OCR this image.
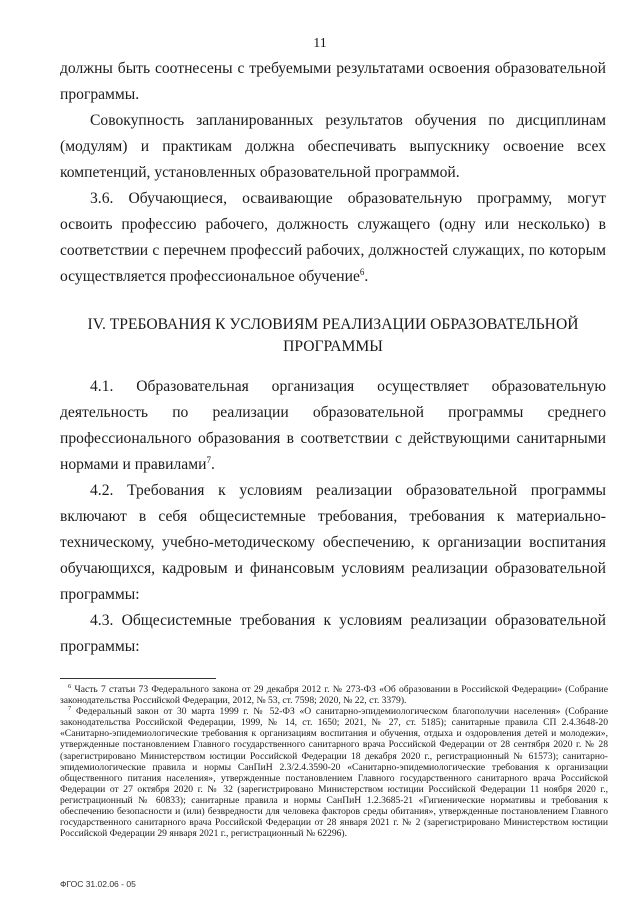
11
должны быть соотнесены с требуемыми результатами освоения образовательной программы.
Совокупность запланированных результатов обучения по дисциплинам (модулям) и практикам должна обеспечивать выпускнику освоение всех компетенций, установленных образовательной программой.
3.6. Обучающиеся, осваивающие образовательную программу, могут освоить профессию рабочего, должность служащего (одну или несколько) в соответствии с перечнем профессий рабочих, должностей служащих, по которым осуществляется профессиональное обучение$^6$.
IV. ТРЕБОВАНИЯ К УСЛОВИЯМ РЕАЛИЗАЦИИ ОБРАЗОВАТЕЛЬНОЙ ПРОГРАММЫ
4.1. Образовательная организация осуществляет образовательную деятельность по реализации образовательной программы среднего профессионального образования в соответствии с действующими санитарными нормами и правилами$^7$.
4.2. Требования к условиям реализации образовательной программы включают в себя общесистемные требования, требования к материально-техническому, учебно-методическому обеспечению, к организации воспитания обучающихся, кадровым и финансовым условиям реализации образовательной программы:
4.3. Общесистемные требования к условиям реализации образовательной программы:

$^6$ Часть 7 статьи 73 Федерального закона от 29 декабря 2012 г. № 273-ФЗ «Об образовании в Российской Федерации» (Собрание законодательства Российской Федерации, 2012, № 53, ст. 7598; 2020, № 22, ст. 3379).

$^7$ Федеральный закон от 30 марта 1999 г. № 52-ФЗ «О санитарно-эпидемиологическом благополучии населения» (Собрание законодательства Российской Федерации, 1999, № 14, ст. 1650; 2021, № 27, ст. 5185); санитарные правила СП 2.4.3648-20 «Санитарно-эпидемиологические требования к организациям воспитания и обучения, отдыха и оздоровления детей и молодежи», утвержденные постановлением Главного государственного санитарного врача Российской Федерации от 28 сентября 2020 г. № 28 (зарегистрировано Министерством юстиции Российской Федерации 18 декабря 2020 г., регистрационный № 61573); санитарно-эпидемиологические правила и нормы СанПиН 2.3/2.4.3590-20 «Санитарно-эпидемиологические требования к организации общественного питания населения», утвержденные постановлением Главного государственного санитарного врача Российской Федерации от 27 октября 2020 г. № 32 (зарегистрировано Министерством юстиции Российской Федерации 11 ноября 2020 г., регистрационный № 60833); санитарные правила и нормы СанПиН 1.2.3685-21 «Гигиенические нормативы и требования к обеспечению безопасности и (или) безвредности для человека факторов среды обитания», утвержденные постановлением Главного государственного санитарного врача Российской Федерации от 28 января 2021 г. № 2 (зарегистрировано Министерством юстиции Российской Федерации 29 января 2021 г., регистрационный № 62296).

ФГОС 31.02.06 - 05
